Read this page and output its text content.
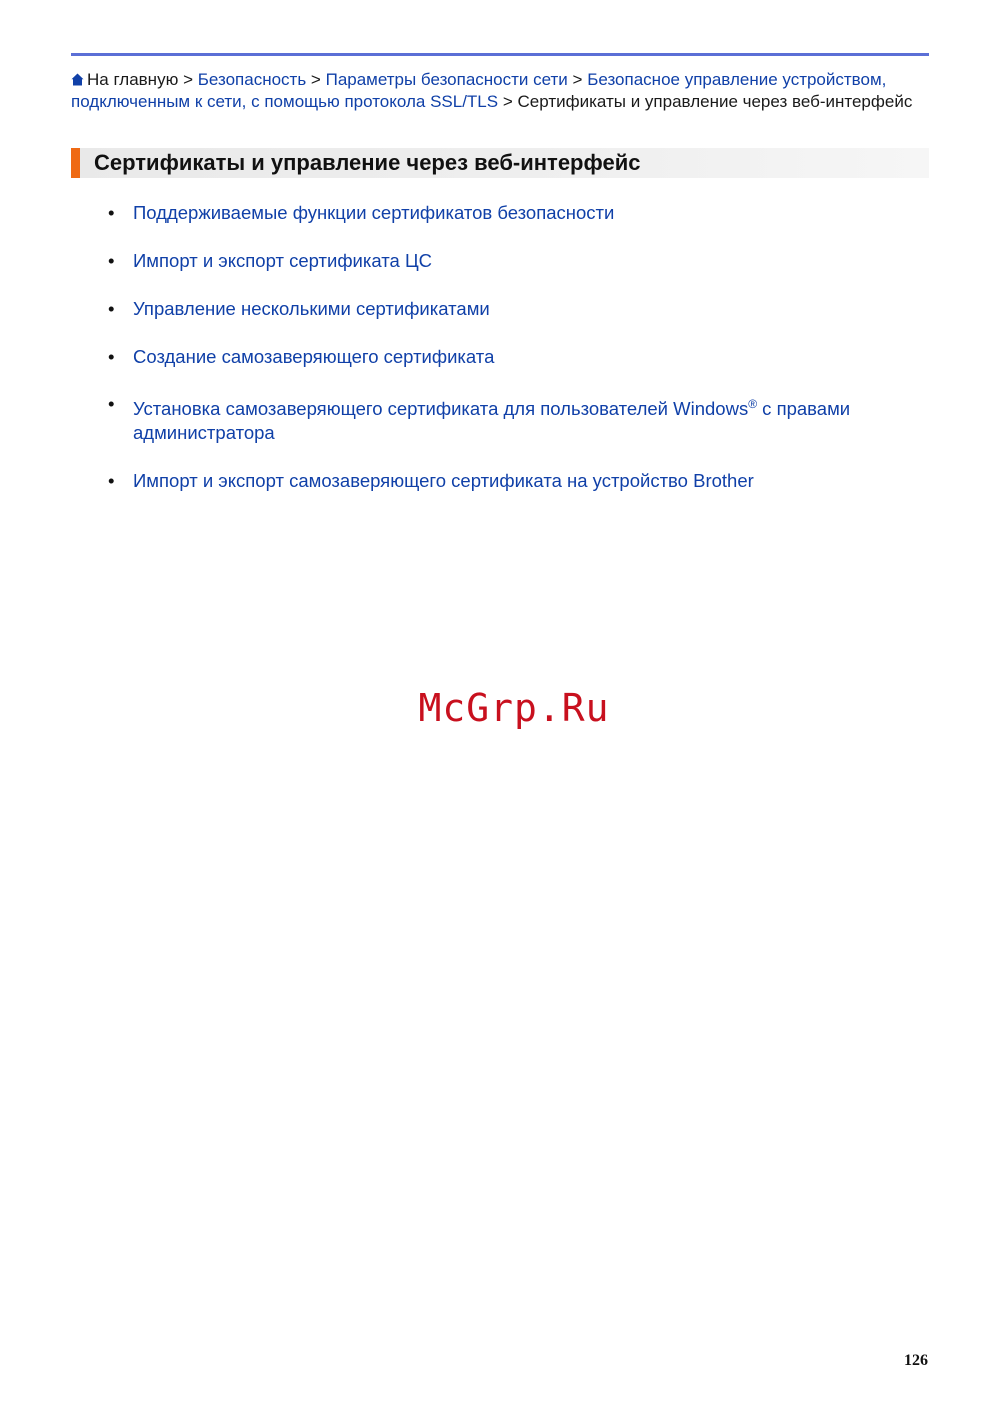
На главную > Безопасность > Параметры безопасности сети > Безопасное управление устройством, подключенным к сети, с помощью протокола SSL/TLS > Сертификаты и управление через веб-интерфейс
Сертификаты и управление через веб-интерфейс
• Поддерживаемые функции сертификатов безопасности
• Импорт и экспорт сертификата ЦС
• Управление несколькими сертификатами
• Создание самозаверяющего сертификата
• Установка самозаверяющего сертификата для пользователей Windows® с правами администратора
• Импорт и экспорт самозаверяющего сертификата на устройство Brother
McGrp.Ru
126
